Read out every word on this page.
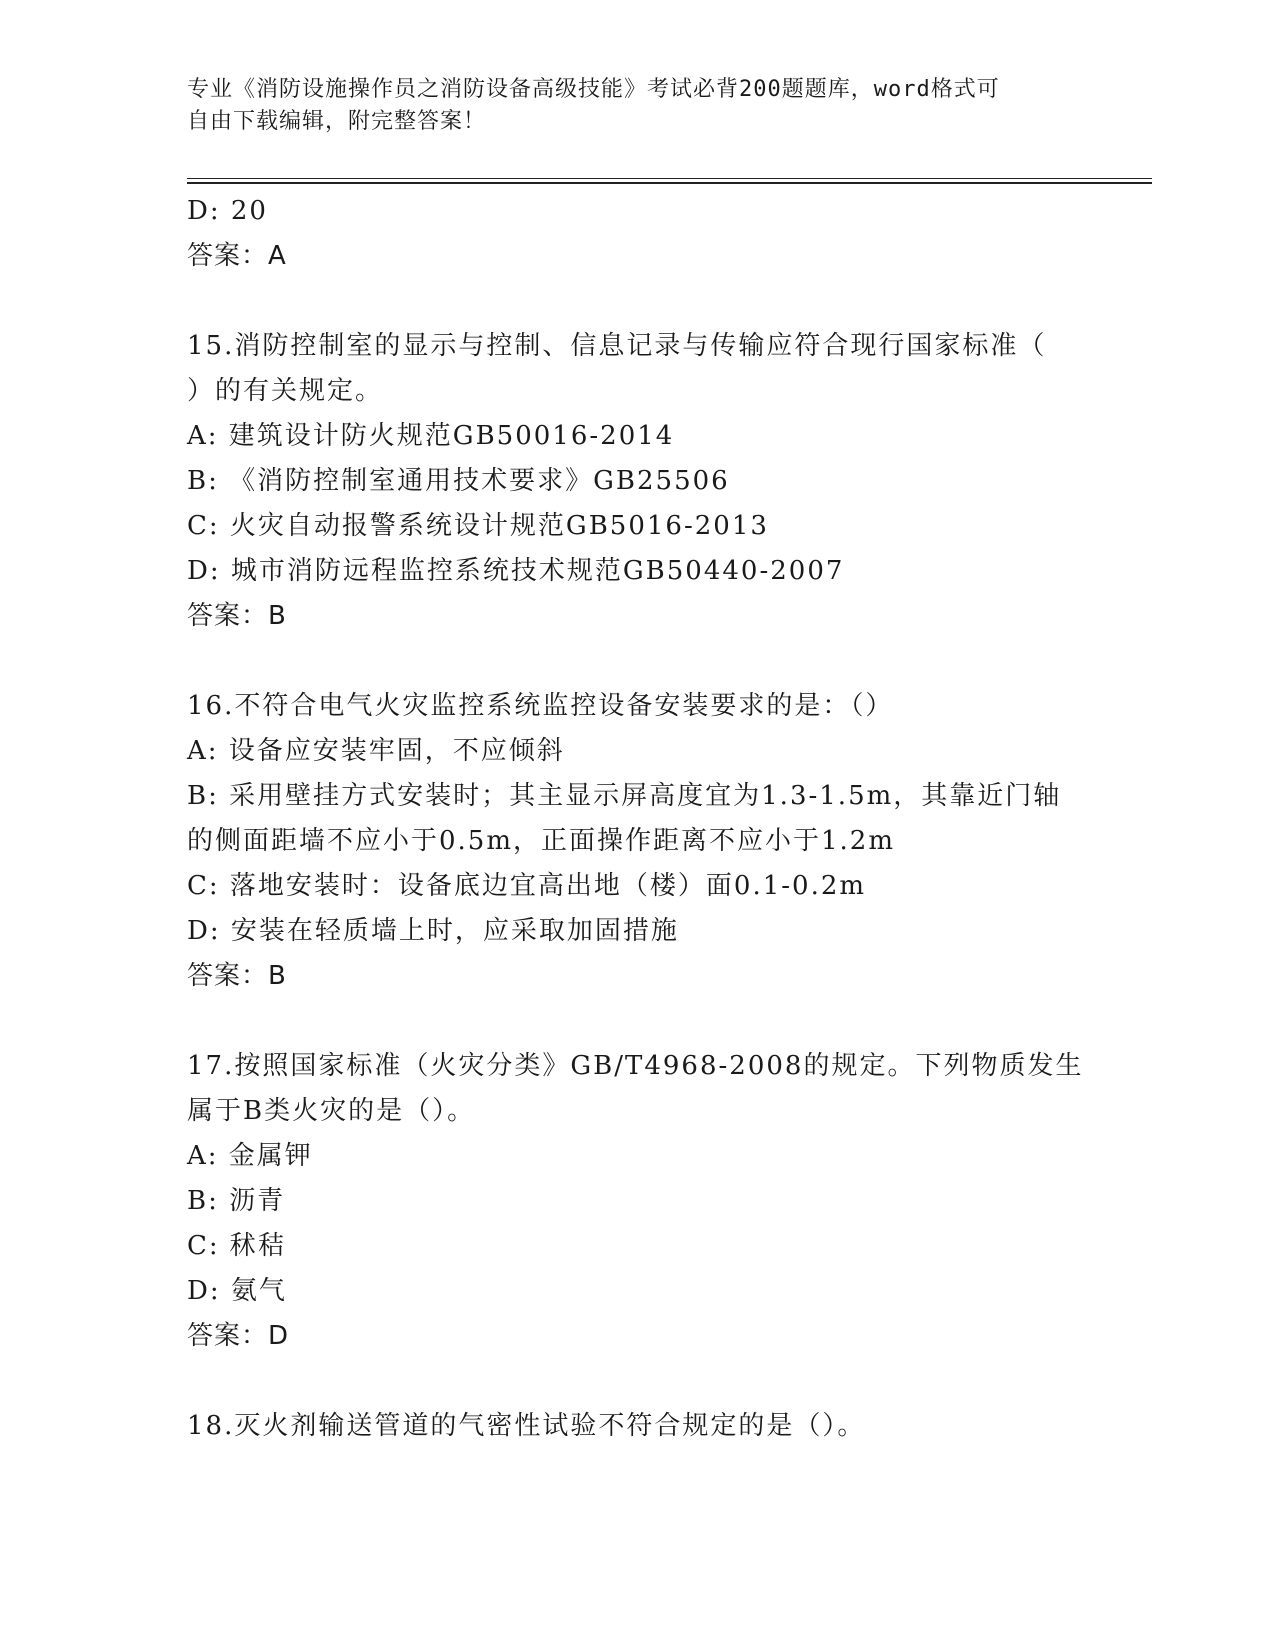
专业《消防设施操作员之消防设备高级技能》考试必背200题题库，word格式可
自由下载编辑，附完整答案！
D: 20
答案：A
15.消防控制室的显示与控制、信息记录与传输应符合现行国家标准（
）的有关规定。
A: 建筑设计防火规范GB50016-2014
B: 《消防控制室通用技术要求》GB25506
C: 火灾自动报警系统设计规范GB5016-2013
D: 城市消防远程监控系统技术规范GB50440-2007
答案：B
16.不符合电气火灾监控系统监控设备安装要求的是：（）
A: 设备应安装牢固，不应倾斜
B: 采用壁挂方式安装时；其主显示屏高度宜为1.3-1.5m，其靠近门轴
的侧面距墙不应小于0.5m，正面操作距离不应小于1.2m
C: 落地安装时：设备底边宜高出地（楼）面0.1-0.2m
D: 安装在轻质墙上时，应采取加固措施
答案：B
17.按照国家标准（火灾分类》GB/T4968-2008的规定。下列物质发生
属于B类火灾的是（）。
A: 金属钾
B: 沥青
C: 秫秸
D: 氨气
答案：D
18.灭火剂输送管道的气密性试验不符合规定的是（）。
